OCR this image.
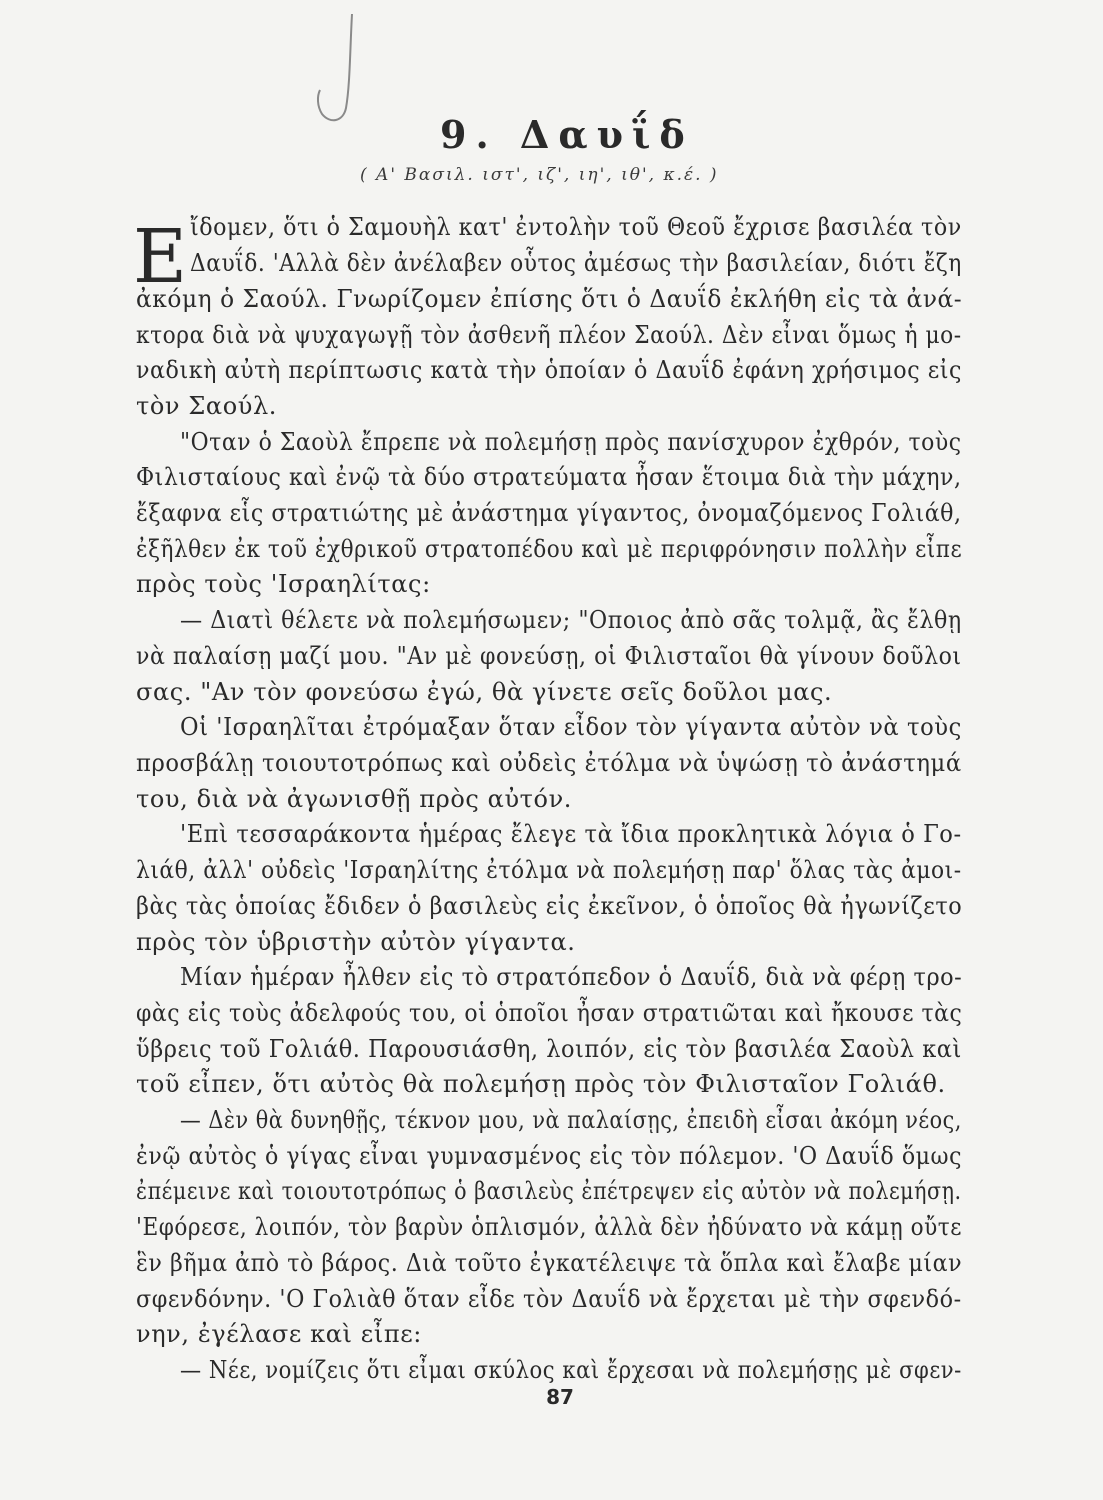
9. Δαυΐδ
( Α' Βασιλ. ιστ', ιζ', ιη', ιθ', κ.έ. )
Ε ἴδομεν, ὅτι ὁ Σαμουὴλ κατ' ἐντολὴν τοῦ Θεοῦ ἔχρισε βασιλέα τὸν
Δαυΐδ. 'Αλλὰ δὲν ἀνέλαβεν οὗτος ἀμέσως τὴν βασιλείαν, διότι ἔζη
ἀκόμη ὁ Σαούλ. Γνωρίζομεν ἐπίσης ὅτι ὁ Δαυΐδ ἐκλήθη εἰς τὰ ἀνά-
κτορα διὰ νὰ ψυχαγωγῇ τὸν ἀσθενῆ πλέον Σαούλ. Δὲν εἶναι ὅμως ἡ μο-
ναδικὴ αὐτὴ περίπτωσις κατὰ τὴν ὁποίαν ὁ Δαυΐδ ἐφάνη χρήσιμος εἰς
τὸν Σαούλ.
"Οταν ὁ Σαοὺλ ἔπρεπε νὰ πολεμήσῃ πρὸς πανίσχυρον ἐχθρόν, τοὺς
Φιλισταίους καὶ ἐνῷ τὰ δύο στρατεύματα ἦσαν ἕτοιμα διὰ τὴν μάχην,
ἔξαφνα εἷς στρατιώτης μὲ ἀνάστημα γίγαντος, ὀνομαζόμενος Γολιάθ,
ἐξῆλθεν ἐκ τοῦ ἐχθρικοῦ στρατοπέδου καὶ μὲ περιφρόνησιν πολλὴν εἶπε
πρὸς τοὺς 'Ισραηλίτας:
— Διατὶ θέλετε νὰ πολεμήσωμεν; "Οποιος ἀπὸ σᾶς τολμᾷ, ἂς ἔλθῃ
νὰ παλαίσῃ μαζί μου. "Αν μὲ φονεύσῃ, οἱ Φιλισταῖοι θὰ γίνουν δοῦλοι
σας. "Αν τὸν φονεύσω ἐγώ, θὰ γίνετε σεῖς δοῦλοι μας.
Οἱ 'Ισραηλῖται ἐτρόμαξαν ὅταν εἶδον τὸν γίγαντα αὐτὸν νὰ τοὺς
προσβάλῃ τοιουτοτρόπως καὶ οὐδεὶς ἐτόλμα νὰ ὑψώσῃ τὸ ἀνάστημά
του, διὰ νὰ ἀγωνισθῇ πρὸς αὐτόν.
'Επὶ τεσσαράκοντα ἡμέρας ἔλεγε τὰ ἴδια προκλητικὰ λόγια ὁ Γο-
λιάθ, ἀλλ' οὐδεὶς 'Ισραηλίτης ἐτόλμα νὰ πολεμήσῃ παρ' ὅλας τὰς ἀμοι-
βὰς τὰς ὁποίας ἔδιδεν ὁ βασιλεὺς εἰς ἐκεῖνον, ὁ ὁποῖος θὰ ἠγωνίζετο
πρὸς τὸν ὑβριστὴν αὐτὸν γίγαντα.
Μίαν ἡμέραν ἦλθεν εἰς τὸ στρατόπεδον ὁ Δαυΐδ, διὰ νὰ φέρῃ τρο-
φὰς εἰς τοὺς ἀδελφούς του, οἱ ὁποῖοι ἦσαν στρατιῶται καὶ ἤκουσε τὰς
ὕβρεις τοῦ Γολιάθ. Παρουσιάσθη, λοιπόν, εἰς τὸν βασιλέα Σαοὺλ καὶ
τοῦ εἶπεν, ὅτι αὐτὸς θὰ πολεμήσῃ πρὸς τὸν Φιλισταῖον Γολιάθ.
— Δὲν θὰ δυνηθῇς, τέκνον μου, νὰ παλαίσῃς, ἐπειδὴ εἶσαι ἀκόμη νέος,
ἐνῷ αὐτὸς ὁ γίγας εἶναι γυμνασμένος εἰς τὸν πόλεμον. 'Ο Δαυΐδ ὅμως
ἐπέμεινε καὶ τοιουτοτρόπως ὁ βασιλεὺς ἐπέτρεψεν εἰς αὐτὸν νὰ πολεμήσῃ.
'Εφόρεσε, λοιπόν, τὸν βαρὺν ὁπλισμόν, ἀλλὰ δὲν ἠδύνατο νὰ κάμῃ οὔτε
ἓν βῆμα ἀπὸ τὸ βάρος. Διὰ τοῦτο ἐγκατέλειψε τὰ ὅπλα καὶ ἔλαβε μίαν
σφενδόνην. 'Ο Γολιὰθ ὅταν εἶδε τὸν Δαυΐδ νὰ ἔρχεται μὲ τὴν σφενδό-
νην, ἐγέλασε καὶ εἶπε:
— Νέε, νομίζεις ὅτι εἶμαι σκύλος καὶ ἔρχεσαι νὰ πολεμήσῃς μὲ σφεν-
87
